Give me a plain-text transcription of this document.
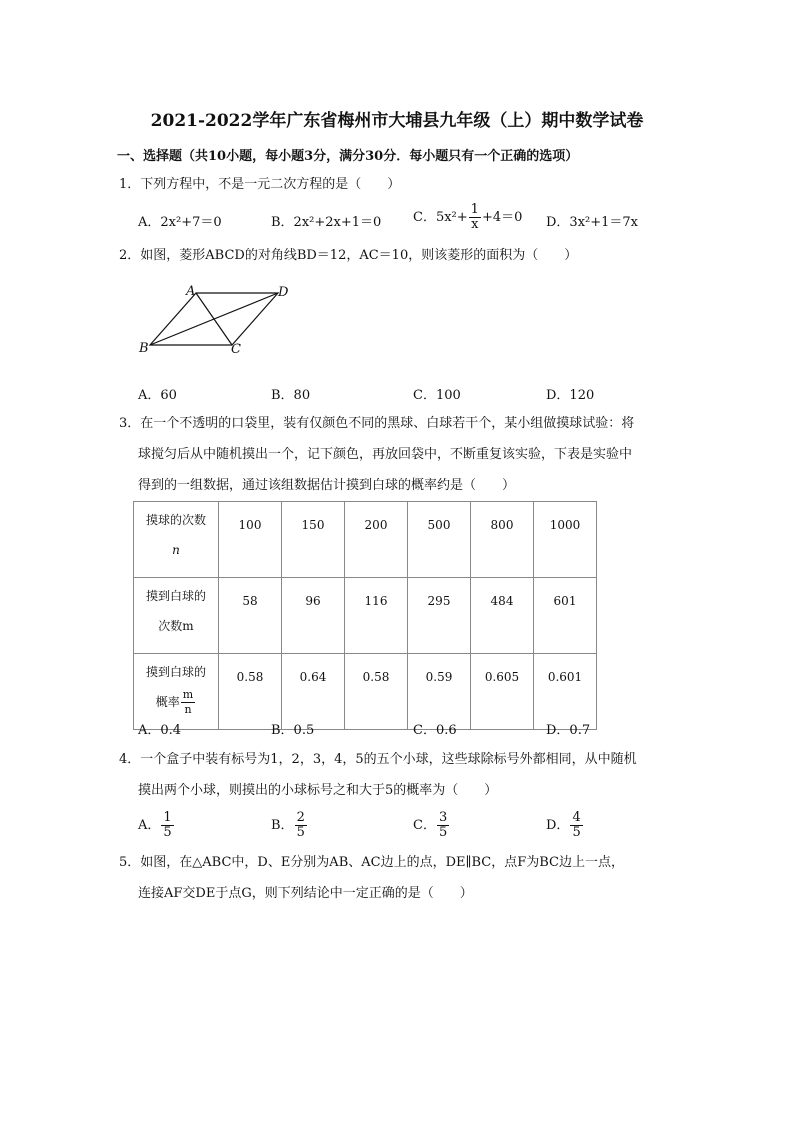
2021-2022学年广东省梅州市大埔县九年级（上）期中数学试卷
一、选择题（共10小题，每小题3分，满分30分．每小题只有一个正确的选项）
1．下列方程中，不是一元二次方程的是（　　）
A．2x²+7＝0	B．2x²+2x+1＝0 C．$5x^2+ \frac{1}{x} +4=0$ D．3x²+1＝7x
2．如图，菱形ABCD的对角线BD＝12，AC＝10，则该菱形的面积为（　　）
A	D
B	C
A．60	B．80	C．100	D．120
3．在一个不透明的口袋里，装有仅颜色不同的黑球、白球若干个，某小组做摸球试验：将
球搅匀后从中随机摸出一个，记下颜色，再放回袋中，不断重复该实验，下表是实验中
得到的一组数据，通过该组数据估计摸到白球的概率约是（　　）
摸球的次数
n	100	150	200	500	800	1000
摸到白球的
次数m	58	96	116	295	484	601
摸到白球的
概率 $\frac{m}{n}$	0.58	0.64	0.58	0.59	0.605	0.601
A．0.4	B．0.5	C．0.6	D．0.7
4．一个盒子中装有标号为1，2，3，4，5的五个小球，这些球除标号外都相同，从中随机
摸出两个小球，则摸出的小球标号之和大于5的概率为（　　）
A． $\frac{1}{5}$	B． $\frac{2}{5}$	C． $\frac{3}{5}$	D． $\frac{4}{5}$
5．如图，在△ABC中，D、E分别为AB、AC边上的点，DE∥BC，点F为BC边上一点，
连接AF交DE于点G，则下列结论中一定正确的是（　　）
